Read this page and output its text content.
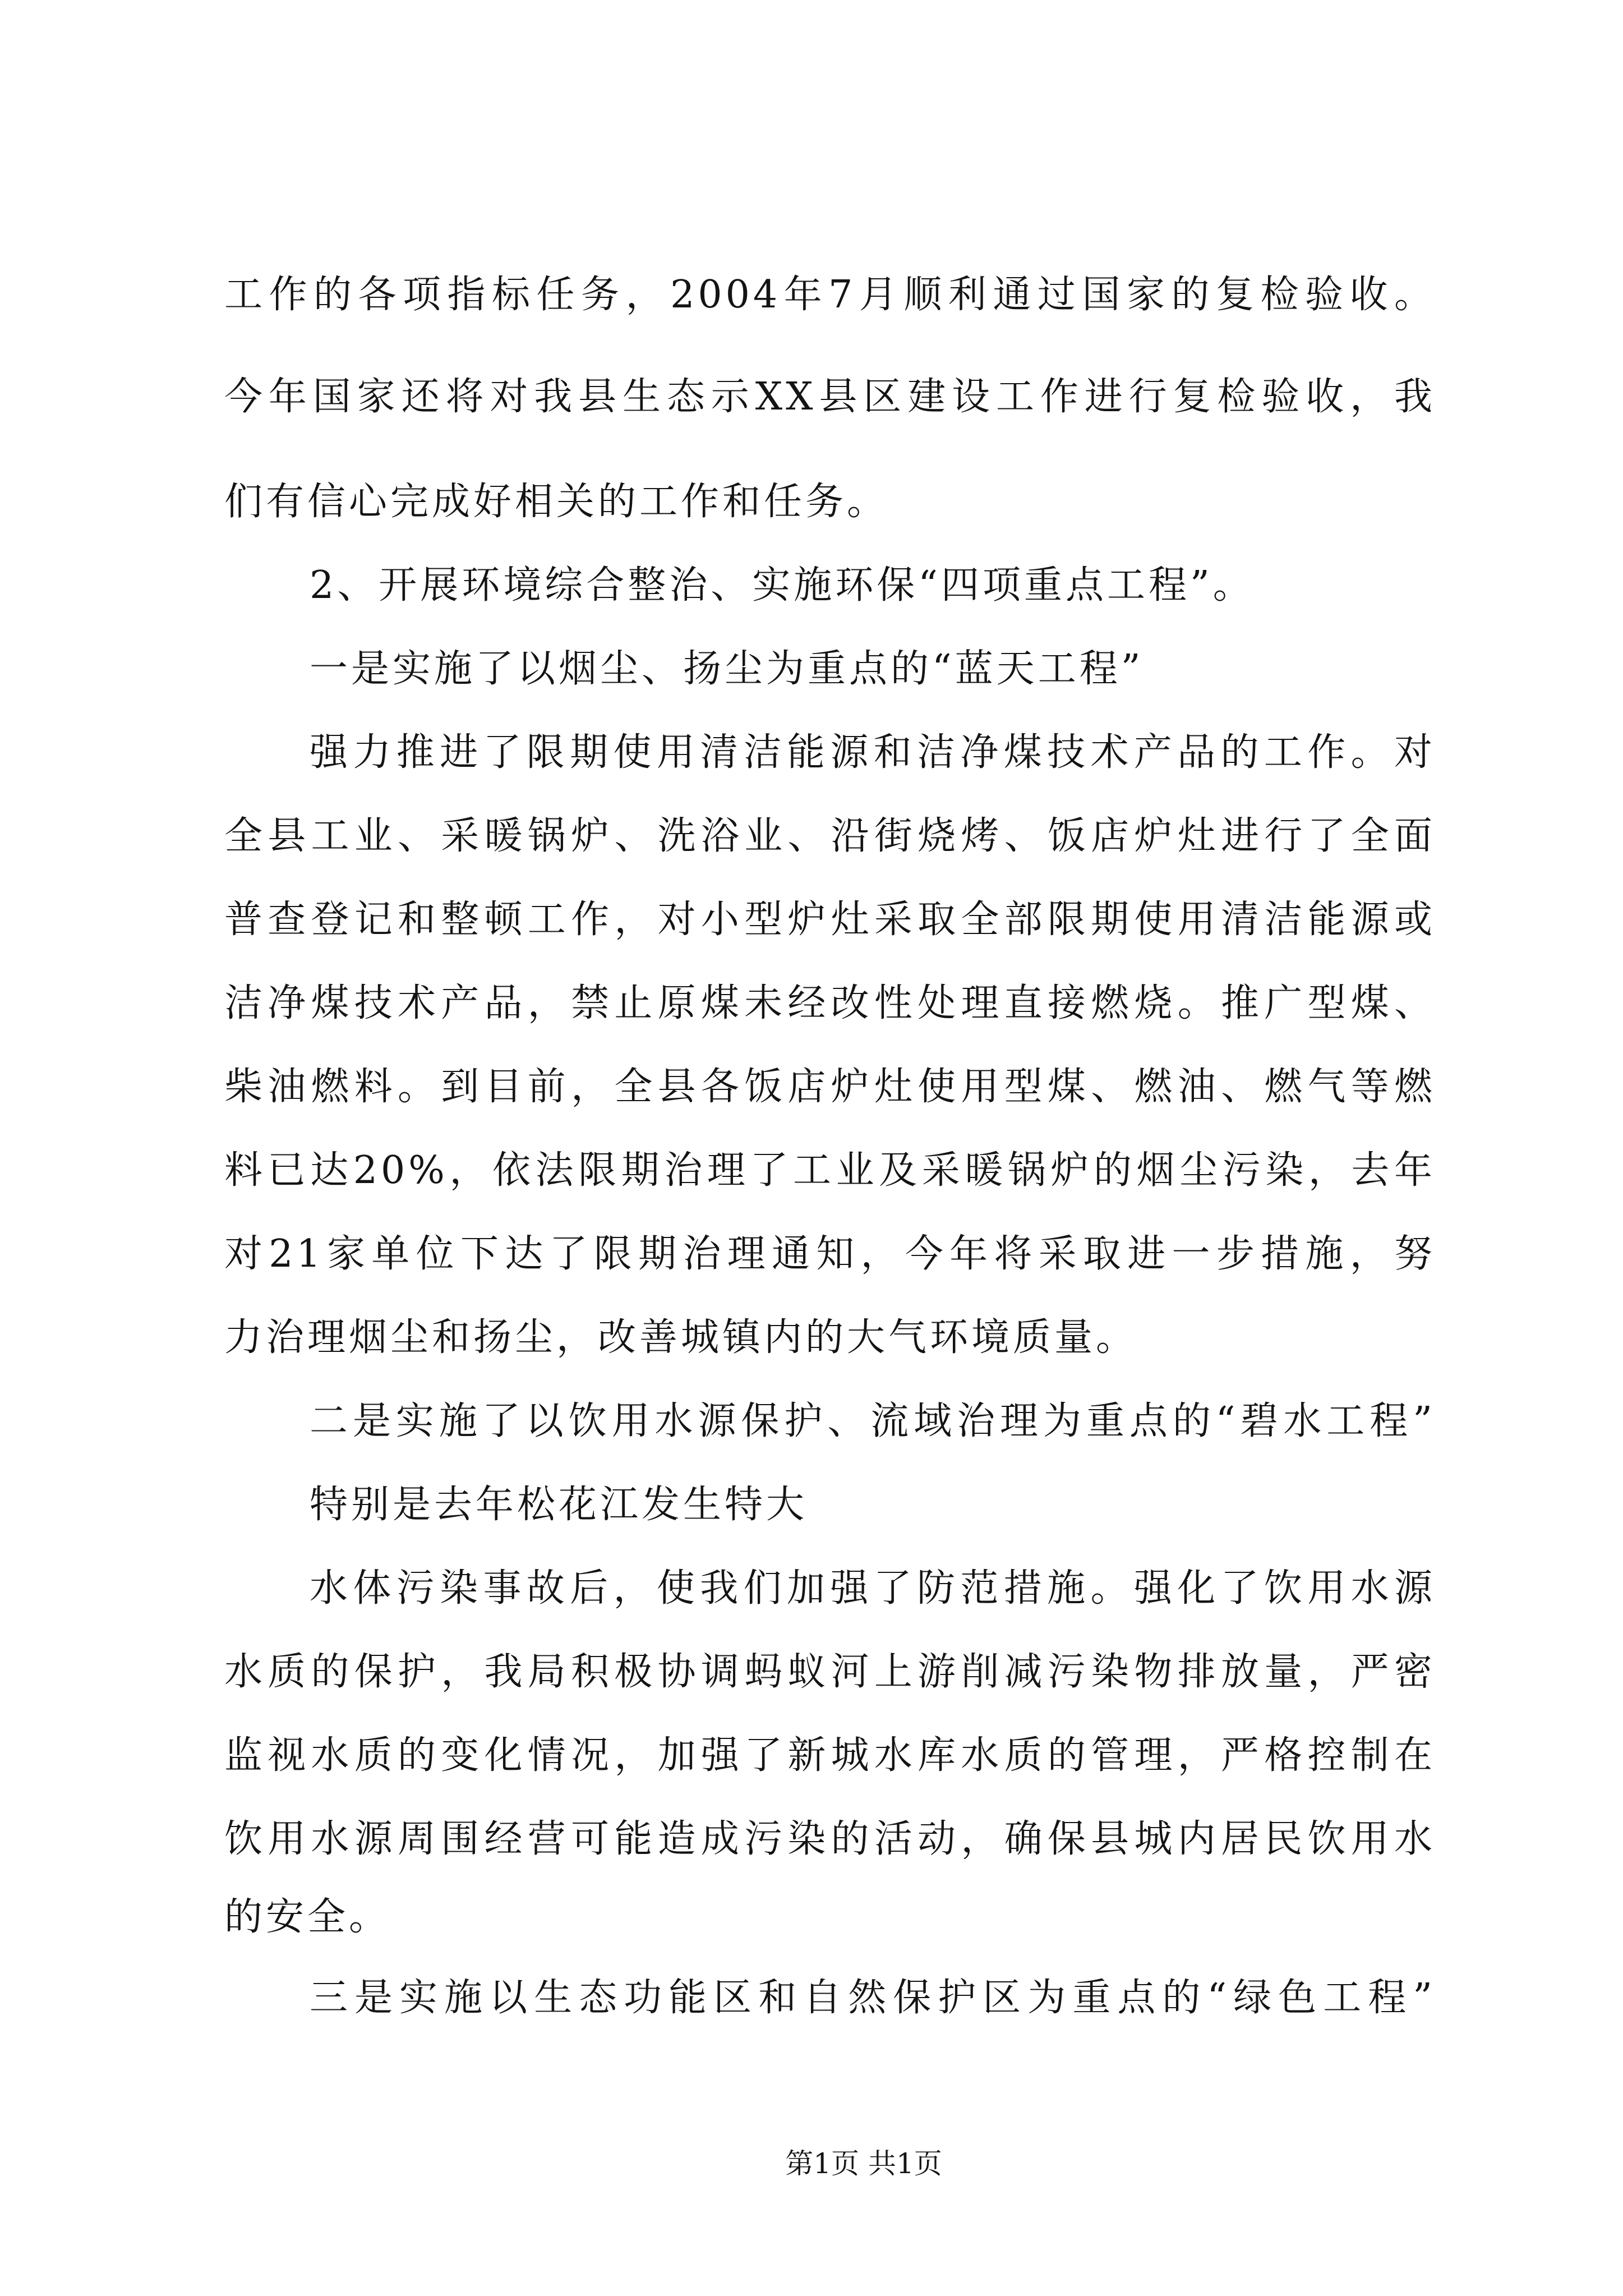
工作的各项指标任务，2004年7月顺利通过国家的复检验收。
今年国家还将对我县生态示XX县区建设工作进行复检验收，我
们有信心完成好相关的工作和任务。
2、开展环境综合整治、实施环保“四项重点工程”。
一是实施了以烟尘、扬尘为重点的“蓝天工程”
强力推进了限期使用清洁能源和洁净煤技术产品的工作。对
全县工业、采暖锅炉、洗浴业、沿街烧烤、饭店炉灶进行了全面
普查登记和整顿工作，对小型炉灶采取全部限期使用清洁能源或
洁净煤技术产品，禁止原煤未经改性处理直接燃烧。推广型煤、
柴油燃料。到目前，全县各饭店炉灶使用型煤、燃油、燃气等燃
料已达20%，依法限期治理了工业及采暖锅炉的烟尘污染，去年
对21家单位下达了限期治理通知，今年将采取进一步措施，努
力治理烟尘和扬尘，改善城镇内的大气环境质量。
二是实施了以饮用水源保护、流域治理为重点的“碧水工程”
特别是去年松花江发生特大
水体污染事故后，使我们加强了防范措施。强化了饮用水源
水质的保护，我局积极协调蚂蚁河上游削减污染物排放量，严密
监视水质的变化情况，加强了新城水库水质的管理，严格控制在
饮用水源周围经营可能造成污染的活动，确保县城内居民饮用水
的安全。
三是实施以生态功能区和自然保护区为重点的“绿色工程”
第1页 共1页
